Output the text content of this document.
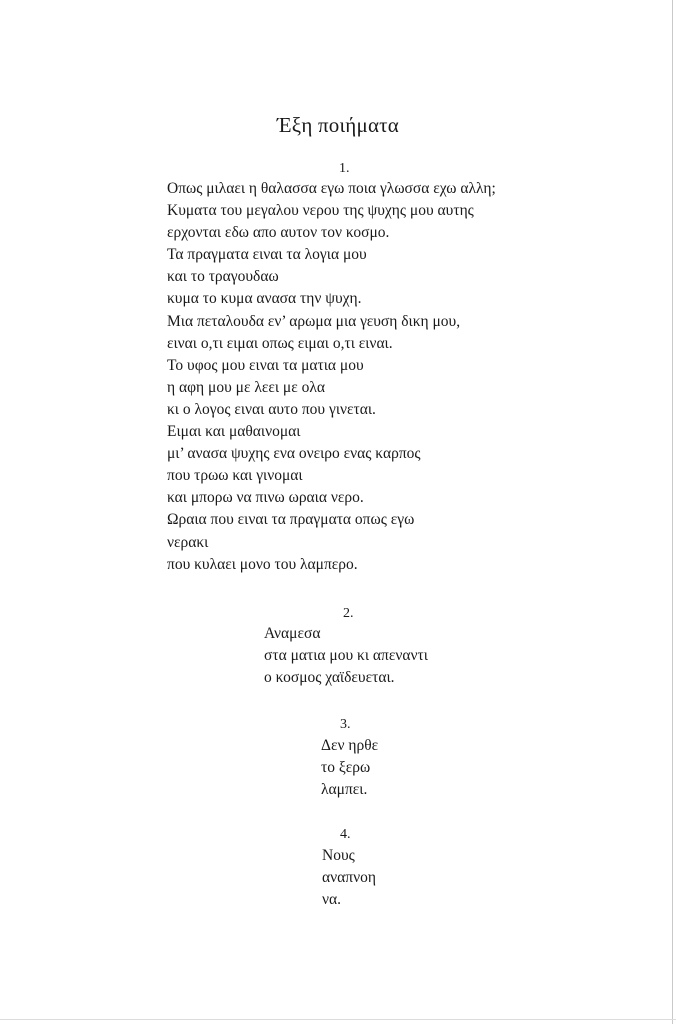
Έξη ποιήματα
1.
Οπως μιλαει η θαλασσα εγω ποια γλωσσα εχω αλλη;
Κυματα του μεγαλου νερου της ψυχης μου αυτης
ερχονται εδω απο αυτον τον κοσμο.
Τα πραγματα ειναι τα λογια μου
και το τραγουδαω
κυμα το κυμα ανασα την ψυχη.
Μια πεταλουδα εν’ αρωμα μια γευση δικη μου,
ειναι ο,τι ειμαι οπως ειμαι ο,τι ειναι.
Το υφος μου ειναι τα ματια μου
η αφη μου με λεει με ολα
κι ο λογος ειναι αυτο που γινεται.
Ειμαι και μαθαινομαι
μι’ ανασα ψυχης ενα ονειρο ενας καρπος
που τρωω και γινομαι
και μπορω να πινω ωραια νερο.
Ωραια που ειναι τα πραγματα οπως εγω
νερακι
που κυλαει μονο του λαμπερο.
2.
Αναμεσα
στα ματια μου κι απεναντι
ο κοσμος χαϊδευεται.
3.
Δεν ηρθε
το ξερω
λαμπει.
4.
Νους
αναπνοη
να.
